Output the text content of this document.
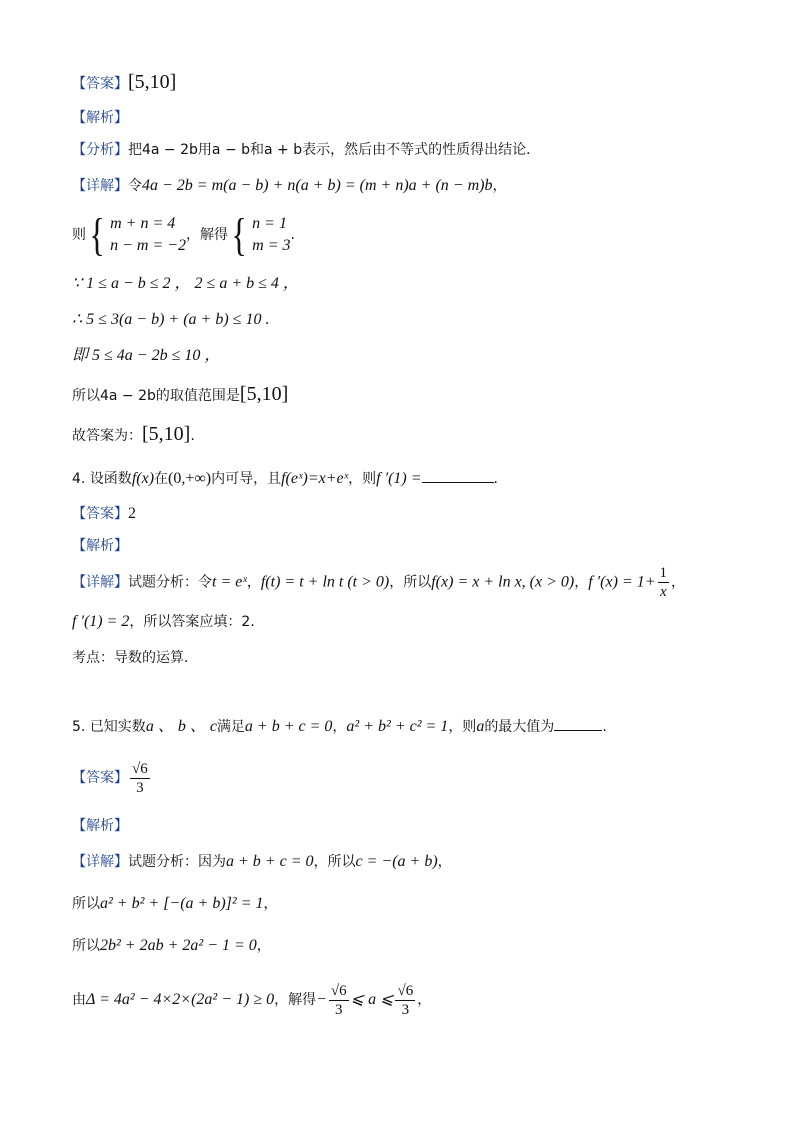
【答案】[5,10]
【解析】
【分析】把4a − 2b用a − b和a + b表示，然后由不等式的性质得出结论．
【详解】令4a − 2b = m(a − b) + n(a + b) = (m + n)a + (n − m)b，
则{ m + n = 4
n − m = −2
，解得{ n = 1
m = 3
.
∵ 1 ≤ a − b ≤ 2 ， 2 ≤ a + b ≤ 4 ，
∴ 5 ≤ 3(a − b) + (a + b) ≤ 10 .
即 5 ≤ 4a − 2b ≤ 10 ，
所以4a − 2b的取值范围是[5,10]
故答案为：[5,10].
4. 设函数f(x)在(0,+∞)内可导，且f(eˣ)=x+eˣ，则f ′(1) =	．
【答案】2
【解析】
【详解】试题分析：令t = eˣ，f(t) = t + ln t (t > 0)，所以f(x) = x + ln x, (x > 0)，f $'(x) = 1+ \frac{1}{x}$ ，
f ′(1) = 2，所以答案应填：2．
考点：导数的运算．
5. 已知实数a 、 b 、 c满足a + b + c = 0，a² + b² + c² = 1，则a的最大值为	.
【答案】 $\frac{√6}{3}$
【解析】
【详解】试题分析：因为a + b + c = 0，所以c = −(a + b)，
所以a² + b² + [−(a + b)]² = 1，
所以2b² + 2ab + 2a² − 1 = 0，
由Δ = 4a² − 4×2×(2a² − 1) ≥ 0，解得− $\frac{√6}{3}$ ⩽ a ⩽ $\frac{√6}{3}$ ，
